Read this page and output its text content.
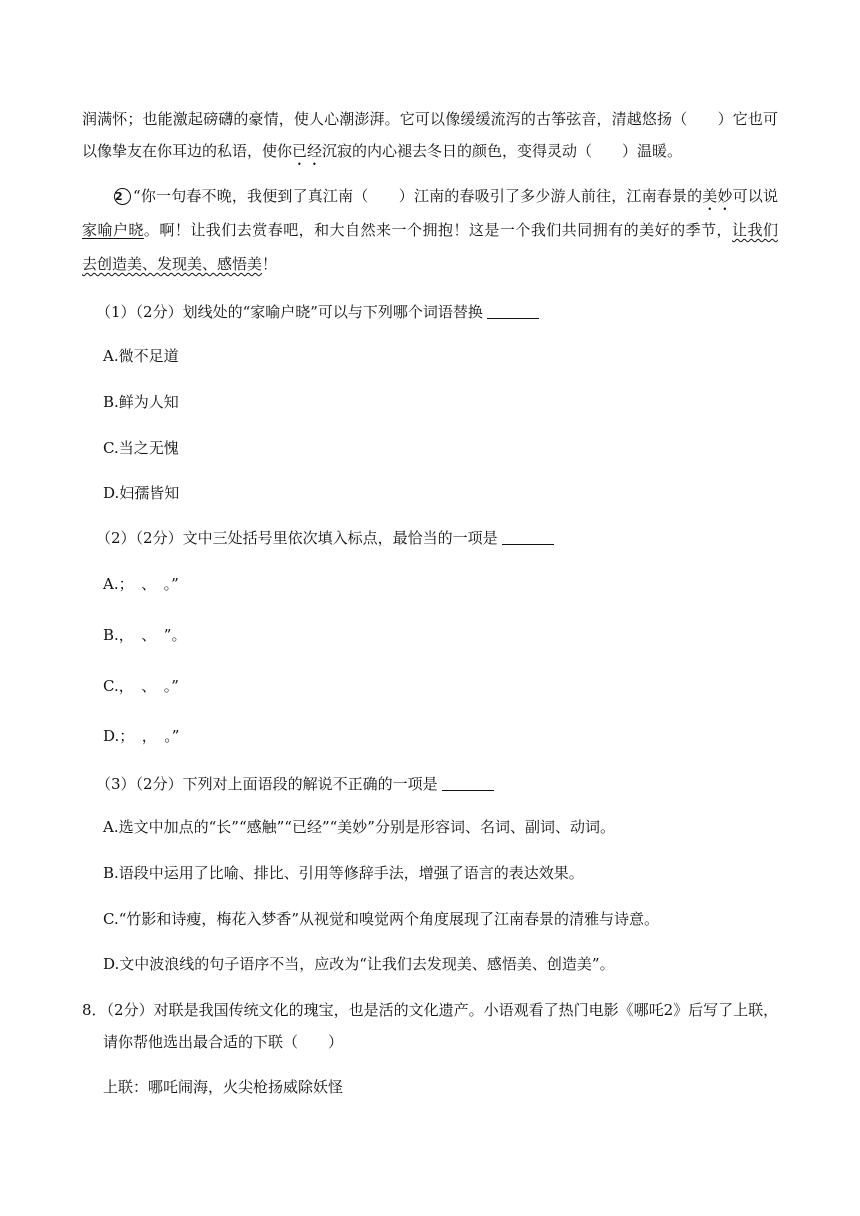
润满怀；也能激起磅礴的豪情，使人心潮澎湃。它可以像缓缓流泻的古筝弦音，清越悠扬（　　）它也可
以像挚友在你耳边的私语，使你已经沉寂的内心褪去冬日的颜色，变得灵动（　　）温暖。
2 “你一句春不晚，我便到了真江南（　　）江南的春吸引了多少游人前往，江南春景的美妙可以说
家喻户晓。啊！让我们去赏春吧，和大自然来一个拥抱！这是一个我们共同拥有的美好的季节，让我们
去创造美、发现美、感悟美！
（1）（2分）划线处的“家喻户晓”可以与下列哪个词语替换
A.微不足道
B.鲜为人知
C.当之无愧
D.妇孺皆知
（2）（2分）文中三处括号里依次填入标点，最恰当的一项是
A.；　、　。”
B.，　、　”。
C.，　、　。”
D.；　，　。”
（3）（2分）下列对上面语段的解说不正确的一项是
A.选文中加点的“长”“感触”“已经”“美妙”分别是形容词、名词、副词、动词。
B.语段中运用了比喻、排比、引用等修辞手法，增强了语言的表达效果。
C.“竹影和诗瘦，梅花入梦香”从视觉和嗅觉两个角度展现了江南春景的清雅与诗意。
D.文中波浪线的句子语序不当，应改为“让我们去发现美、感悟美、创造美”。
8．（2分）对联是我国传统文化的瑰宝，也是活的文化遗产。小语观看了热门电影《哪吒2》后写了上联，
请你帮他选出最合适的下联（　　）
上联：哪吒闹海，火尖枪扬威除妖怪
